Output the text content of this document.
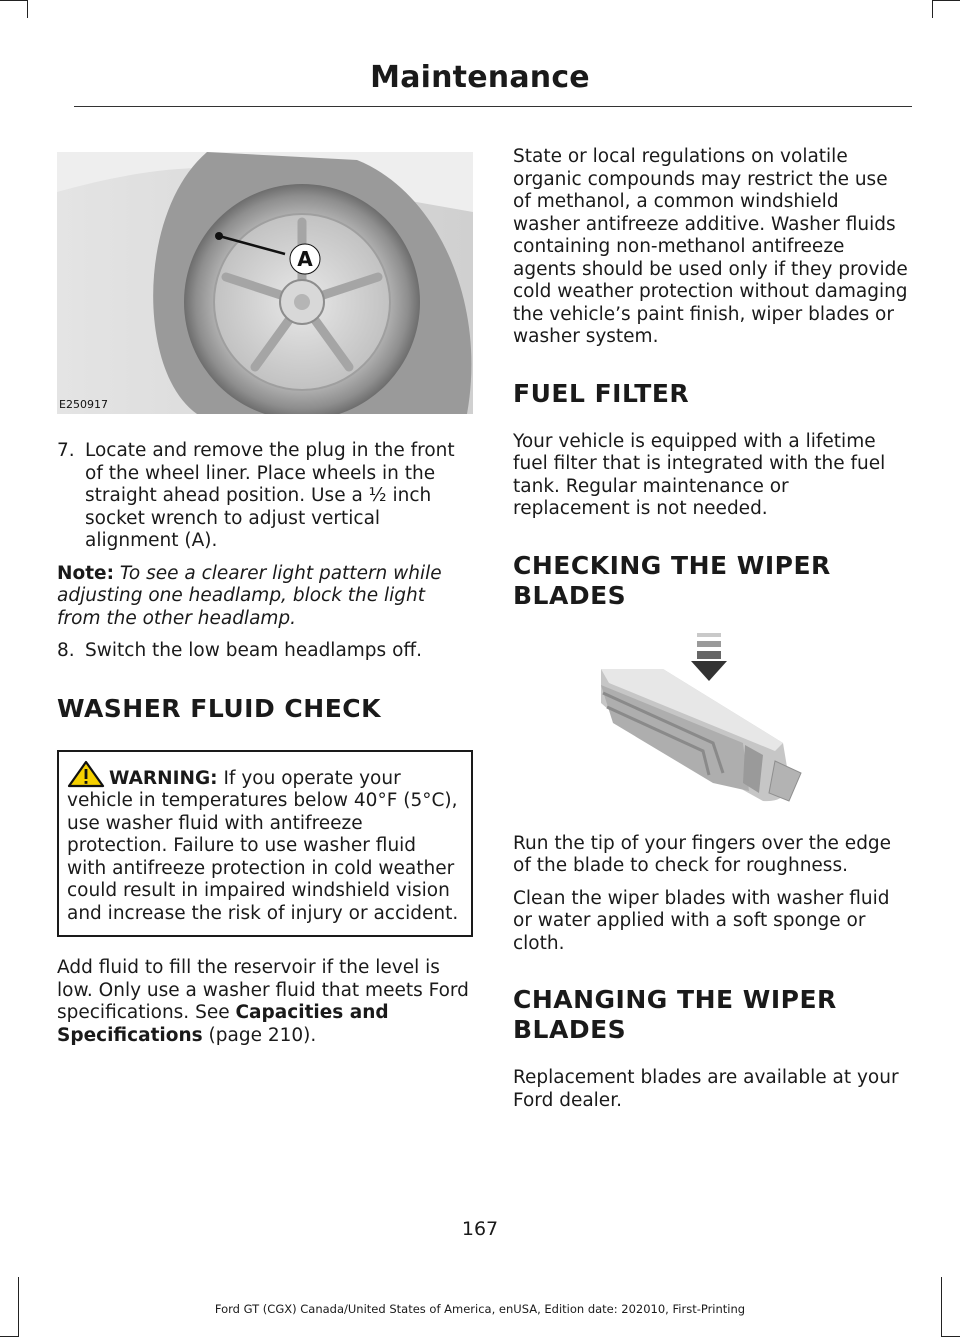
Maintenance
A
E250917
7. Locate and remove the plug in the front of the wheel liner. Place wheels in the straight ahead position. Use a ½ inch socket wrench to adjust vertical alignment (A).

Note: To see a clearer light pattern while adjusting one headlamp, block the light from the other headlamp.

8. Switch the low beam headlamps off.
WASHER FLUID CHECK

WARNING: If you operate your vehicle in temperatures below 40°F (5°C), use washer fluid with antifreeze protection. Failure to use washer fluid with antifreeze protection in cold weather could result in impaired windshield vision and increase the risk of injury or accident.

Add fluid to fill the reservoir if the level is low. Only use a washer fluid that meets Ford specifications. See Capacities and Specifications (page 210).

State or local regulations on volatile organic compounds may restrict the use of methanol, a common windshield washer antifreeze additive. Washer fluids containing non-methanol antifreeze agents should be used only if they provide cold weather protection without damaging the vehicle’s paint finish, wiper blades or washer system.

FUEL FILTER

Your vehicle is equipped with a lifetime fuel filter that is integrated with the fuel tank. Regular maintenance or replacement is not needed.

CHECKING THE WIPER
BLADES

Run the tip of your fingers over the edge of the blade to check for roughness.

Clean the wiper blades with washer fluid or water applied with a soft sponge or cloth.

CHANGING THE WIPER
BLADES

Replacement blades are available at your Ford dealer.

167
Ford GT (CGX) Canada/United States of America, enUSA, Edition date: 202010, First-Printing
